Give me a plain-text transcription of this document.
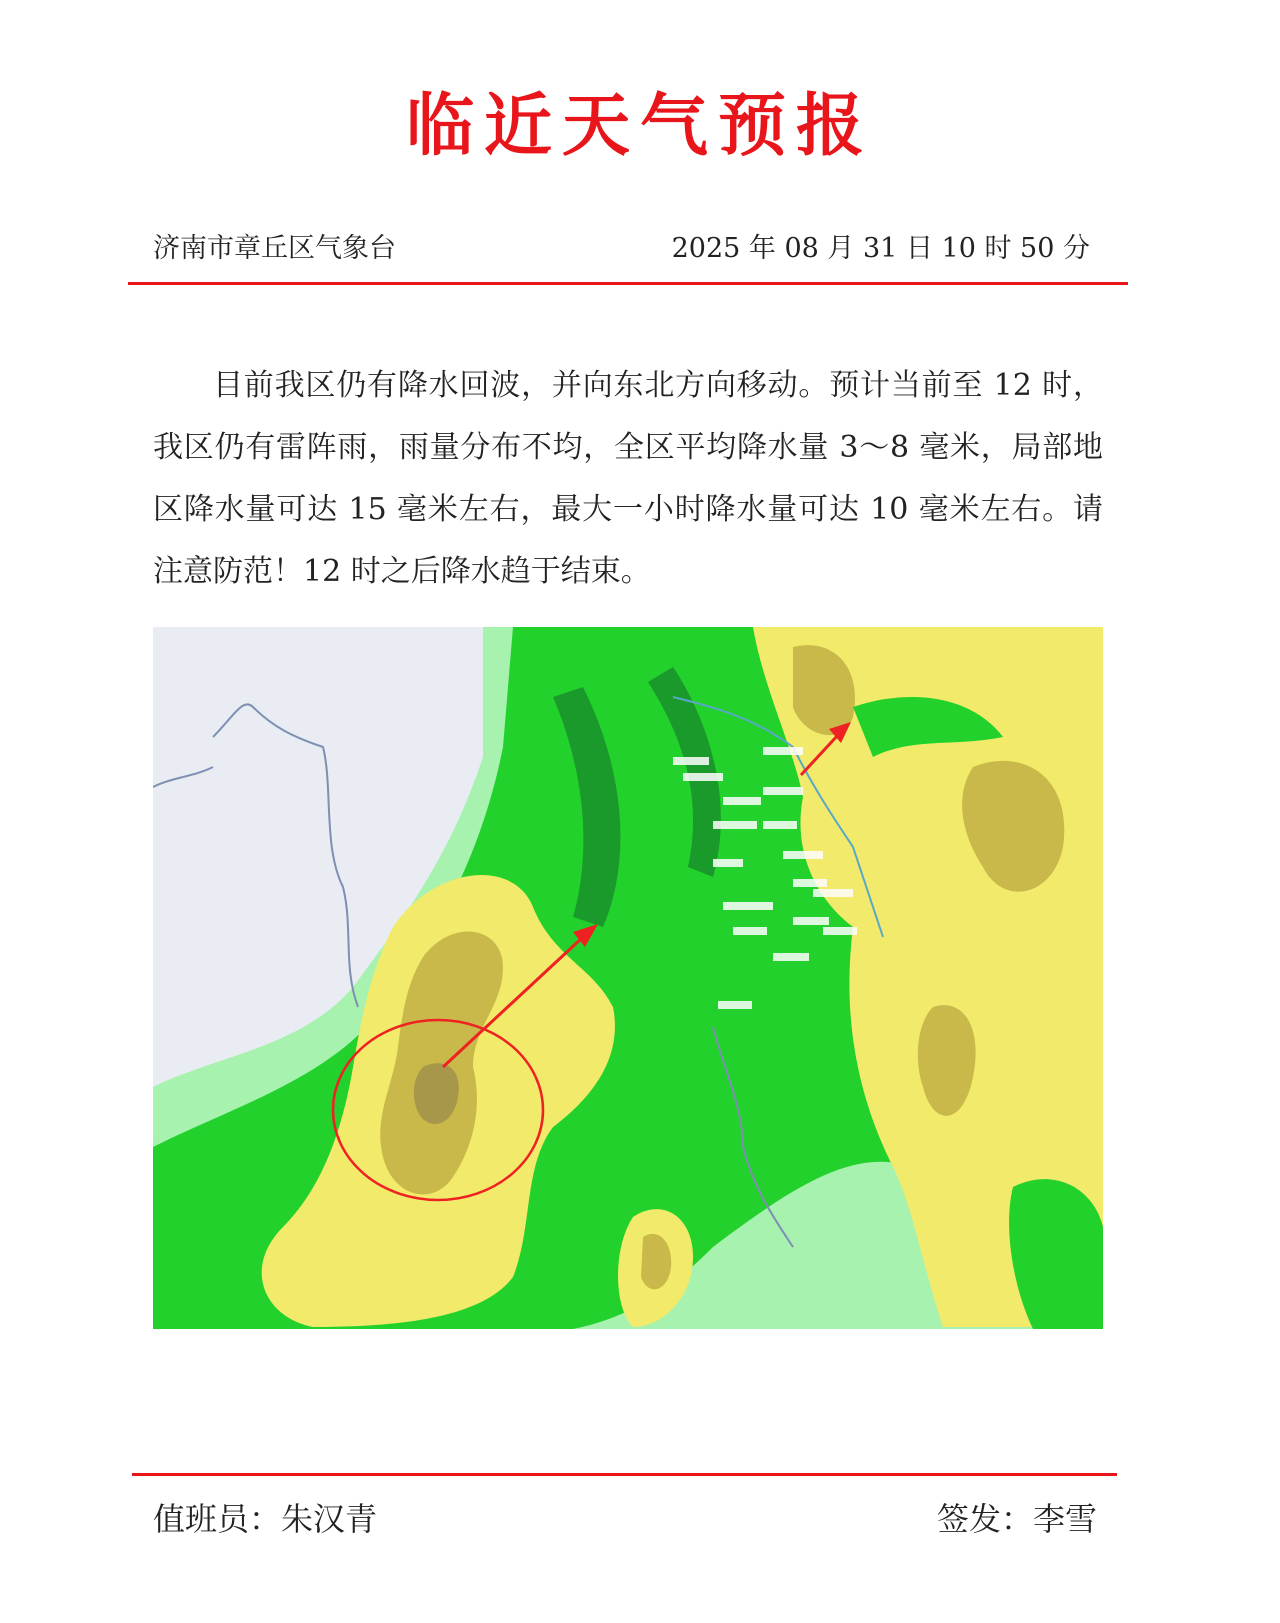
临近天气预报
济南市章丘区气象台	2025 年 08 月 31 日 10 时 50 分

目前我区仍有降水回波，并向东北方向移动。预计当前至 12 时，我区仍有雷阵雨，雨量分布不均，全区平均降水量 3～8 毫米，局部地区降水量可达 15 毫米左右，最大一小时降水量可达 10 毫米左右。请注意防范！12 时之后降水趋于结束。

值班员：朱汉青	签发：李雪
